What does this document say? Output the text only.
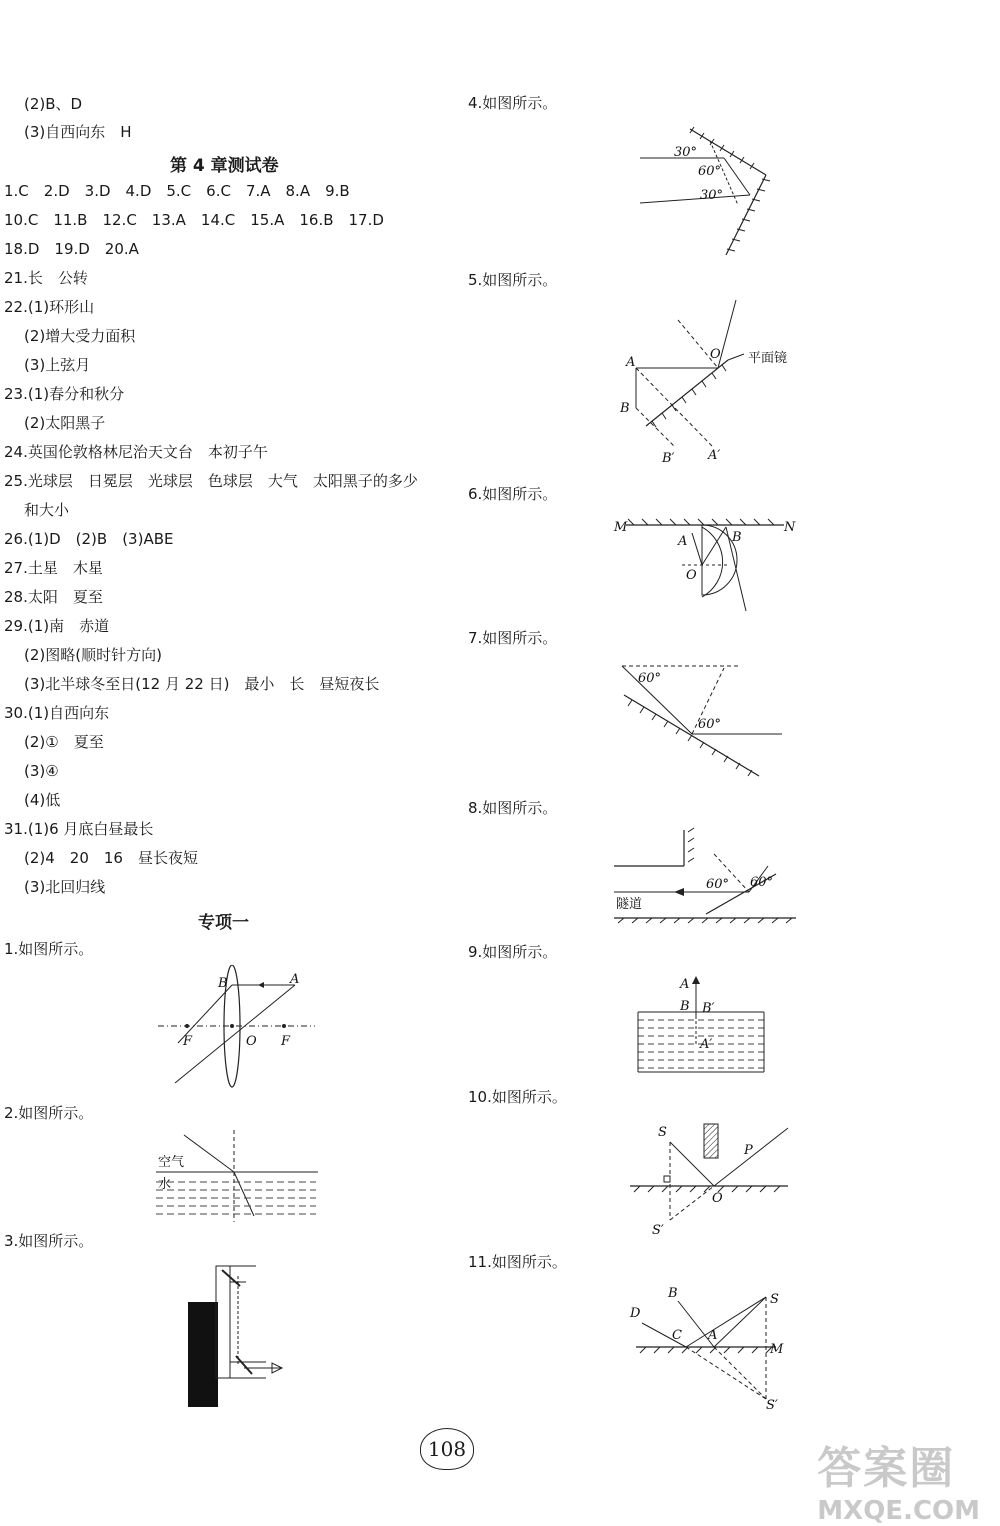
(2)B、D
(3)自西向东　H
第 4 章测试卷
1.C　2.D　3.D　4.D　5.C　6.C　7.A　8.A　9.B
10.C　11.B　12.C　13.A　14.C　15.A　16.B　17.D
18.D　19.D　20.A
21.长　公转
22.(1)环形山
(2)增大受力面积
(3)上弦月
23.(1)春分和秋分
(2)太阳黑子
24.英国伦敦格林尼治天文台　本初子午
25.光球层　日冕层　光球层　色球层　大气　太阳黑子的多少
和大小
26.(1)D　(2)B　(3)ABE
27.土星　木星
28.太阳　夏至
29.(1)南　赤道
(2)图略(顺时针方向)
(3)北半球冬至日(12 月 22 日)　最小　长　昼短夜长
30.(1)自西向东
(2)①　夏至
(3)④
(4)低
31.(1)6 月底白昼最长
(2)4　20　16　昼长夜短
(3)北回归线
专项一
1.如图所示。
2.如图所示。
3.如图所示。
A
B
F	O F
空气
水
4.如图所示。
5.如图所示。
6.如图所示。
7.如图所示。
8.如图所示。
9.如图所示。
10.如图所示。
11.如图所示。
30°
60°
30°
A
B
O
A′
B′
平面镜
M	N
A	B
O
60°
60°
60° 60°
隧道
A
B B′
A′
S
P
O
S′
B
D
C A
S
M
S′
108	答案圈
MXQE.COM
